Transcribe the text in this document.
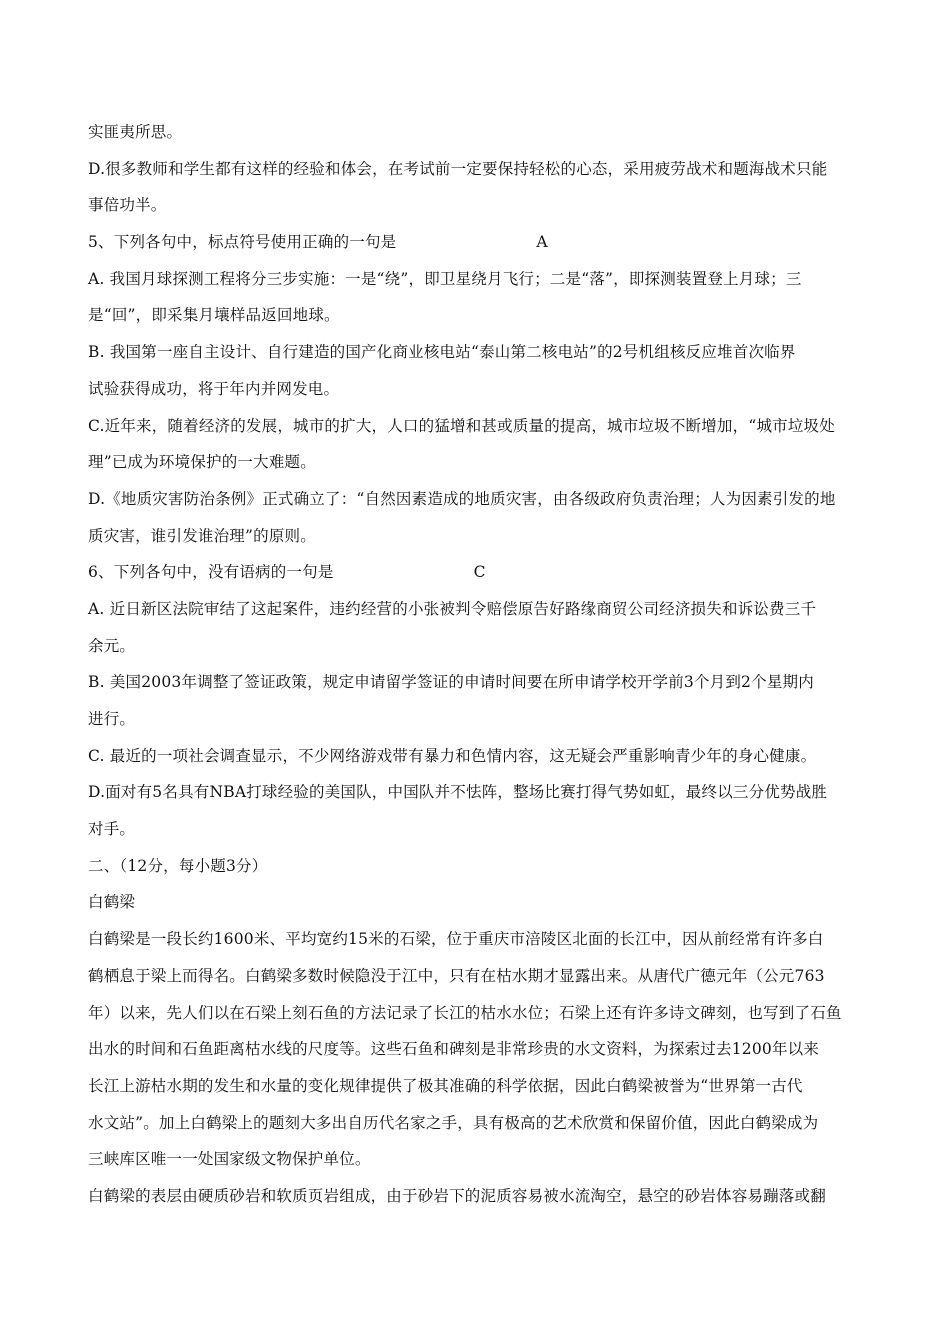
实匪夷所思。
D.很多教师和学生都有这样的经验和体会，在考试前一定要保持轻松的心态，采用疲劳战术和题海战术只能
事倍功半。
5、下列各句中，标点符号使用正确的一句是	A
A. 我国月球探测工程将分三步实施：一是“绕”，即卫星绕月飞行；二是“落”，即探测装置登上月球；三
是“回”，即采集月壤样品返回地球。
B. 我国第一座自主设计、自行建造的国产化商业核电站“泰山第二核电站”的2号机组核反应堆首次临界
试验获得成功，将于年内并网发电。
C.近年来，随着经济的发展，城市的扩大，人口的猛增和甚或质量的提高，城市垃圾不断增加，“城市垃圾处
理”已成为环境保护的一大难题。
D.《地质灾害防治条例》正式确立了：“自然因素造成的地质灾害，由各级政府负责治理；人为因素引发的地
质灾害，谁引发谁治理”的原则。
6、下列各句中，没有语病的一句是	C
A. 近日新区法院审结了这起案件，违约经营的小张被判令赔偿原告好路缘商贸公司经济损失和诉讼费三千
余元。
B. 美国2003年调整了签证政策，规定申请留学签证的申请时间要在所申请学校开学前3个月到2个星期内
进行。
C. 最近的一项社会调查显示，不少网络游戏带有暴力和色情内容，这无疑会严重影响青少年的身心健康。
D.面对有5名具有NBA打球经验的美国队，中国队并不怯阵，整场比赛打得气势如虹，最终以三分优势战胜
对手。
二、（12分，每小题3分）
白鹤梁
白鹤梁是一段长约1600米、平均宽约15米的石梁，位于重庆市涪陵区北面的长江中，因从前经常有许多白
鹤栖息于梁上而得名。白鹤梁多数时候隐没于江中，只有在枯水期才显露出来。从唐代广德元年（公元763
年）以来，先人们以在石梁上刻石鱼的方法记录了长江的枯水水位；石梁上还有许多诗文碑刻，也写到了石鱼
出水的时间和石鱼距离枯水线的尺度等。这些石鱼和碑刻是非常珍贵的水文资料，为探索过去1200年以来
长江上游枯水期的发生和水量的变化规律提供了极其准确的科学依据，因此白鹤梁被誉为“世界第一古代
水文站”。加上白鹤梁上的题刻大多出自历代名家之手，具有极高的艺术欣赏和保留价值，因此白鹤梁成为
三峡库区唯一一处国家级文物保护单位。
白鹤梁的表层由硬质砂岩和软质页岩组成，由于砂岩下的泥质容易被水流淘空，悬空的砂岩体容易蹦落或翻
